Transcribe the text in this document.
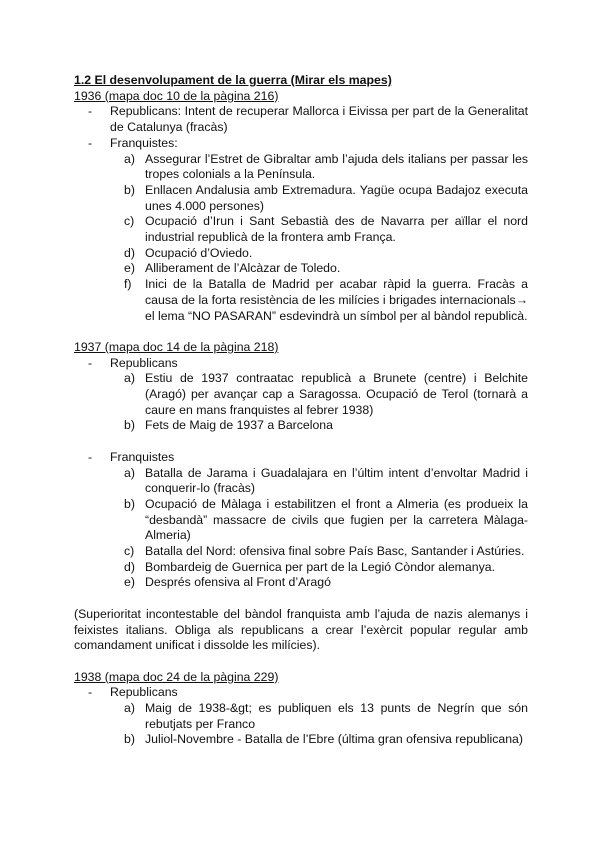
1.2 El desenvolupament de la guerra (Mirar els mapes)
1936 (mapa doc 10 de la pàgina 216)
- Republicans: Intent de recuperar Mallorca i Eivissa per part de la Generalitat de Catalunya (fracàs)
- Franquistes:
a) Assegurar l’Estret de Gibraltar amb l’ajuda dels italians per passar les tropes colonials a la Península.
b) Enllacen Andalusia amb Extremadura. Yagüe ocupa Badajoz executa unes 4.000 persones)
c) Ocupació d’Irun i Sant Sebastià des de Navarra per aïllar el nord industrial republicà de la frontera amb França.
d) Ocupació d’Oviedo.
e) Alliberament de l’Alcàzar de Toledo.
f) Inici de la Batalla de Madrid per acabar ràpid la guerra. Fracàs a causa de la forta resistència de les milícies i brigades internacionals→ el lema “NO PASARAN” esdevindrà un símbol per al bàndol republicà.
1937 (mapa doc 14 de la pàgina 218)
- Republicans
a) Estiu de 1937 contraatac republicà a Brunete (centre) i Belchite (Aragó) per avançar cap a Saragossa. Ocupació de Terol (tornarà a caure en mans franquistes al febrer 1938)
b) Fets de Maig de 1937 a Barcelona
- Franquistes
a) Batalla de Jarama i Guadalajara en l’últim intent d’envoltar Madrid i conquerir-lo (fracàs)
b) Ocupació de Màlaga i estabilitzen el front a Almeria (es produeix la “desbandà” massacre de civils que fugien per la carretera Màlaga-Almeria)
c) Batalla del Nord: ofensiva final sobre País Basc, Santander i Astúries.
d) Bombardeig de Guernica per part de la Legió Còndor alemanya.
e) Després ofensiva al Front d’Aragó
(Superioritat incontestable del bàndol franquista amb l’ajuda de nazis alemanys i feixistes italians. Obliga als republicans a crear l’exèrcit popular regular amb comandament unificat i dissolde les milícies).
1938 (mapa doc 24 de la pàgina 229)
- Republicans
a) Maig de 1938-&gt; es publiquen els 13 punts de Negrín que són rebutjats per Franco
b) Juliol-Novembre - Batalla de l’Ebre (última gran ofensiva republicana)
